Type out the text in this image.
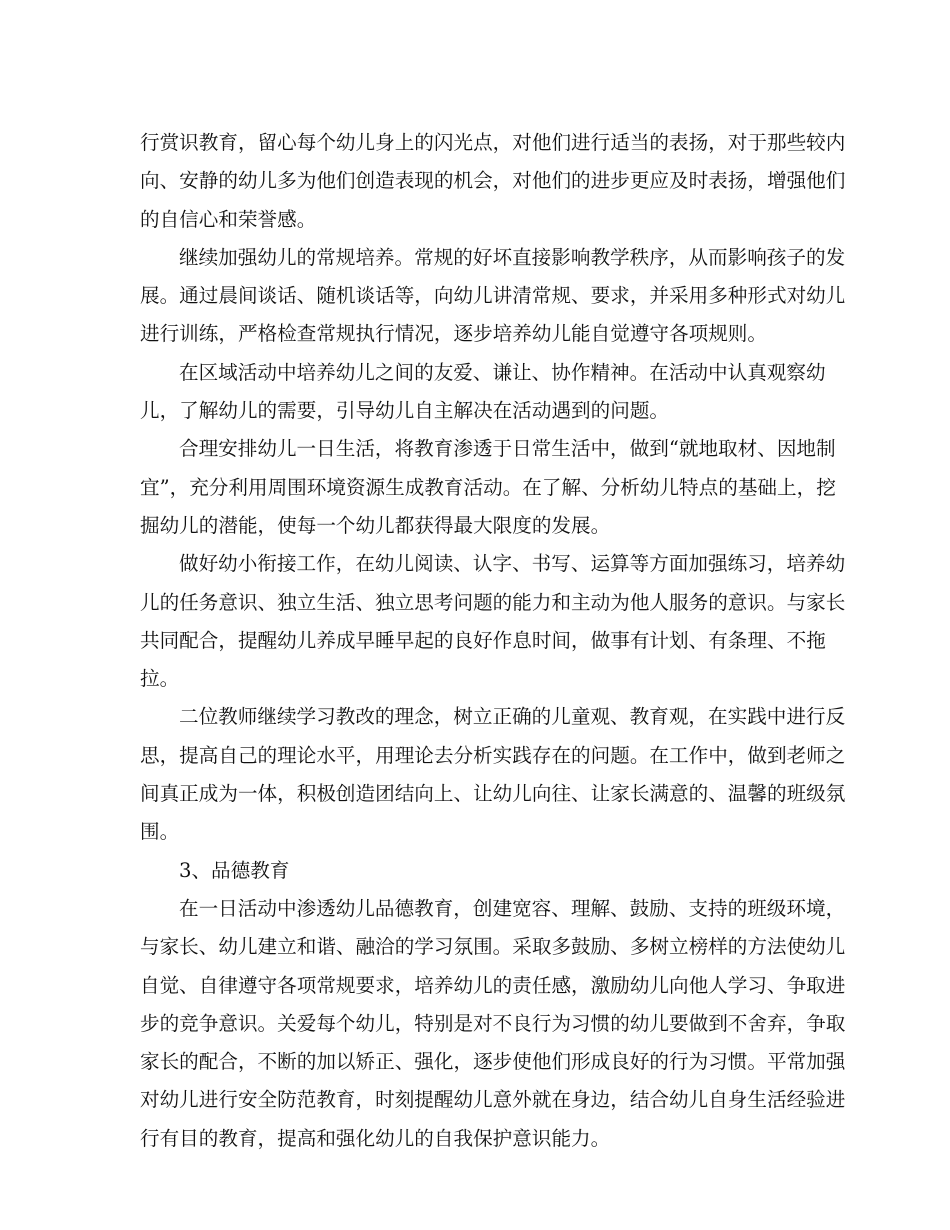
行赏识教育，留心每个幼儿身上的闪光点，对他们进行适当的表扬，对于那些较内
向、安静的幼儿多为他们创造表现的机会，对他们的进步更应及时表扬，增强他们
的自信心和荣誉感。

继续加强幼儿的常规培养。常规的好坏直接影响教学秩序，从而影响孩子的发
展。通过晨间谈话、随机谈话等，向幼儿讲清常规、要求，并采用多种形式对幼儿
进行训练，严格检查常规执行情况，逐步培养幼儿能自觉遵守各项规则。

在区域活动中培养幼儿之间的友爱、谦让、协作精神。在活动中认真观察幼
儿，了解幼儿的需要，引导幼儿自主解决在活动遇到的问题。

合理安排幼儿一日生活，将教育渗透于日常生活中，做到“就地取材、因地制
宜”，充分利用周围环境资源生成教育活动。在了解、分析幼儿特点的基础上，挖
掘幼儿的潜能，使每一个幼儿都获得最大限度的发展。

做好幼小衔接工作，在幼儿阅读、认字、书写、运算等方面加强练习，培养幼
儿的任务意识、独立生活、独立思考问题的能力和主动为他人服务的意识。与家长
共同配合，提醒幼儿养成早睡早起的良好作息时间，做事有计划、有条理、不拖
拉。

二位教师继续学习教改的理念，树立正确的儿童观、教育观，在实践中进行反
思，提高自己的理论水平，用理论去分析实践存在的问题。在工作中，做到老师之
间真正成为一体，积极创造团结向上、让幼儿向往、让家长满意的、温馨的班级氛
围。

3、品德教育

在一日活动中渗透幼儿品德教育，创建宽容、理解、鼓励、支持的班级环境，
与家长、幼儿建立和谐、融洽的学习氛围。采取多鼓励、多树立榜样的方法使幼儿
自觉、自律遵守各项常规要求，培养幼儿的责任感，激励幼儿向他人学习、争取进
步的竞争意识。关爱每个幼儿，特别是对不良行为习惯的幼儿要做到不舍弃，争取
家长的配合，不断的加以矫正、强化，逐步使他们形成良好的行为习惯。平常加强
对幼儿进行安全防范教育，时刻提醒幼儿意外就在身边，结合幼儿自身生活经验进
行有目的教育，提高和强化幼儿的自我保护意识能力。
